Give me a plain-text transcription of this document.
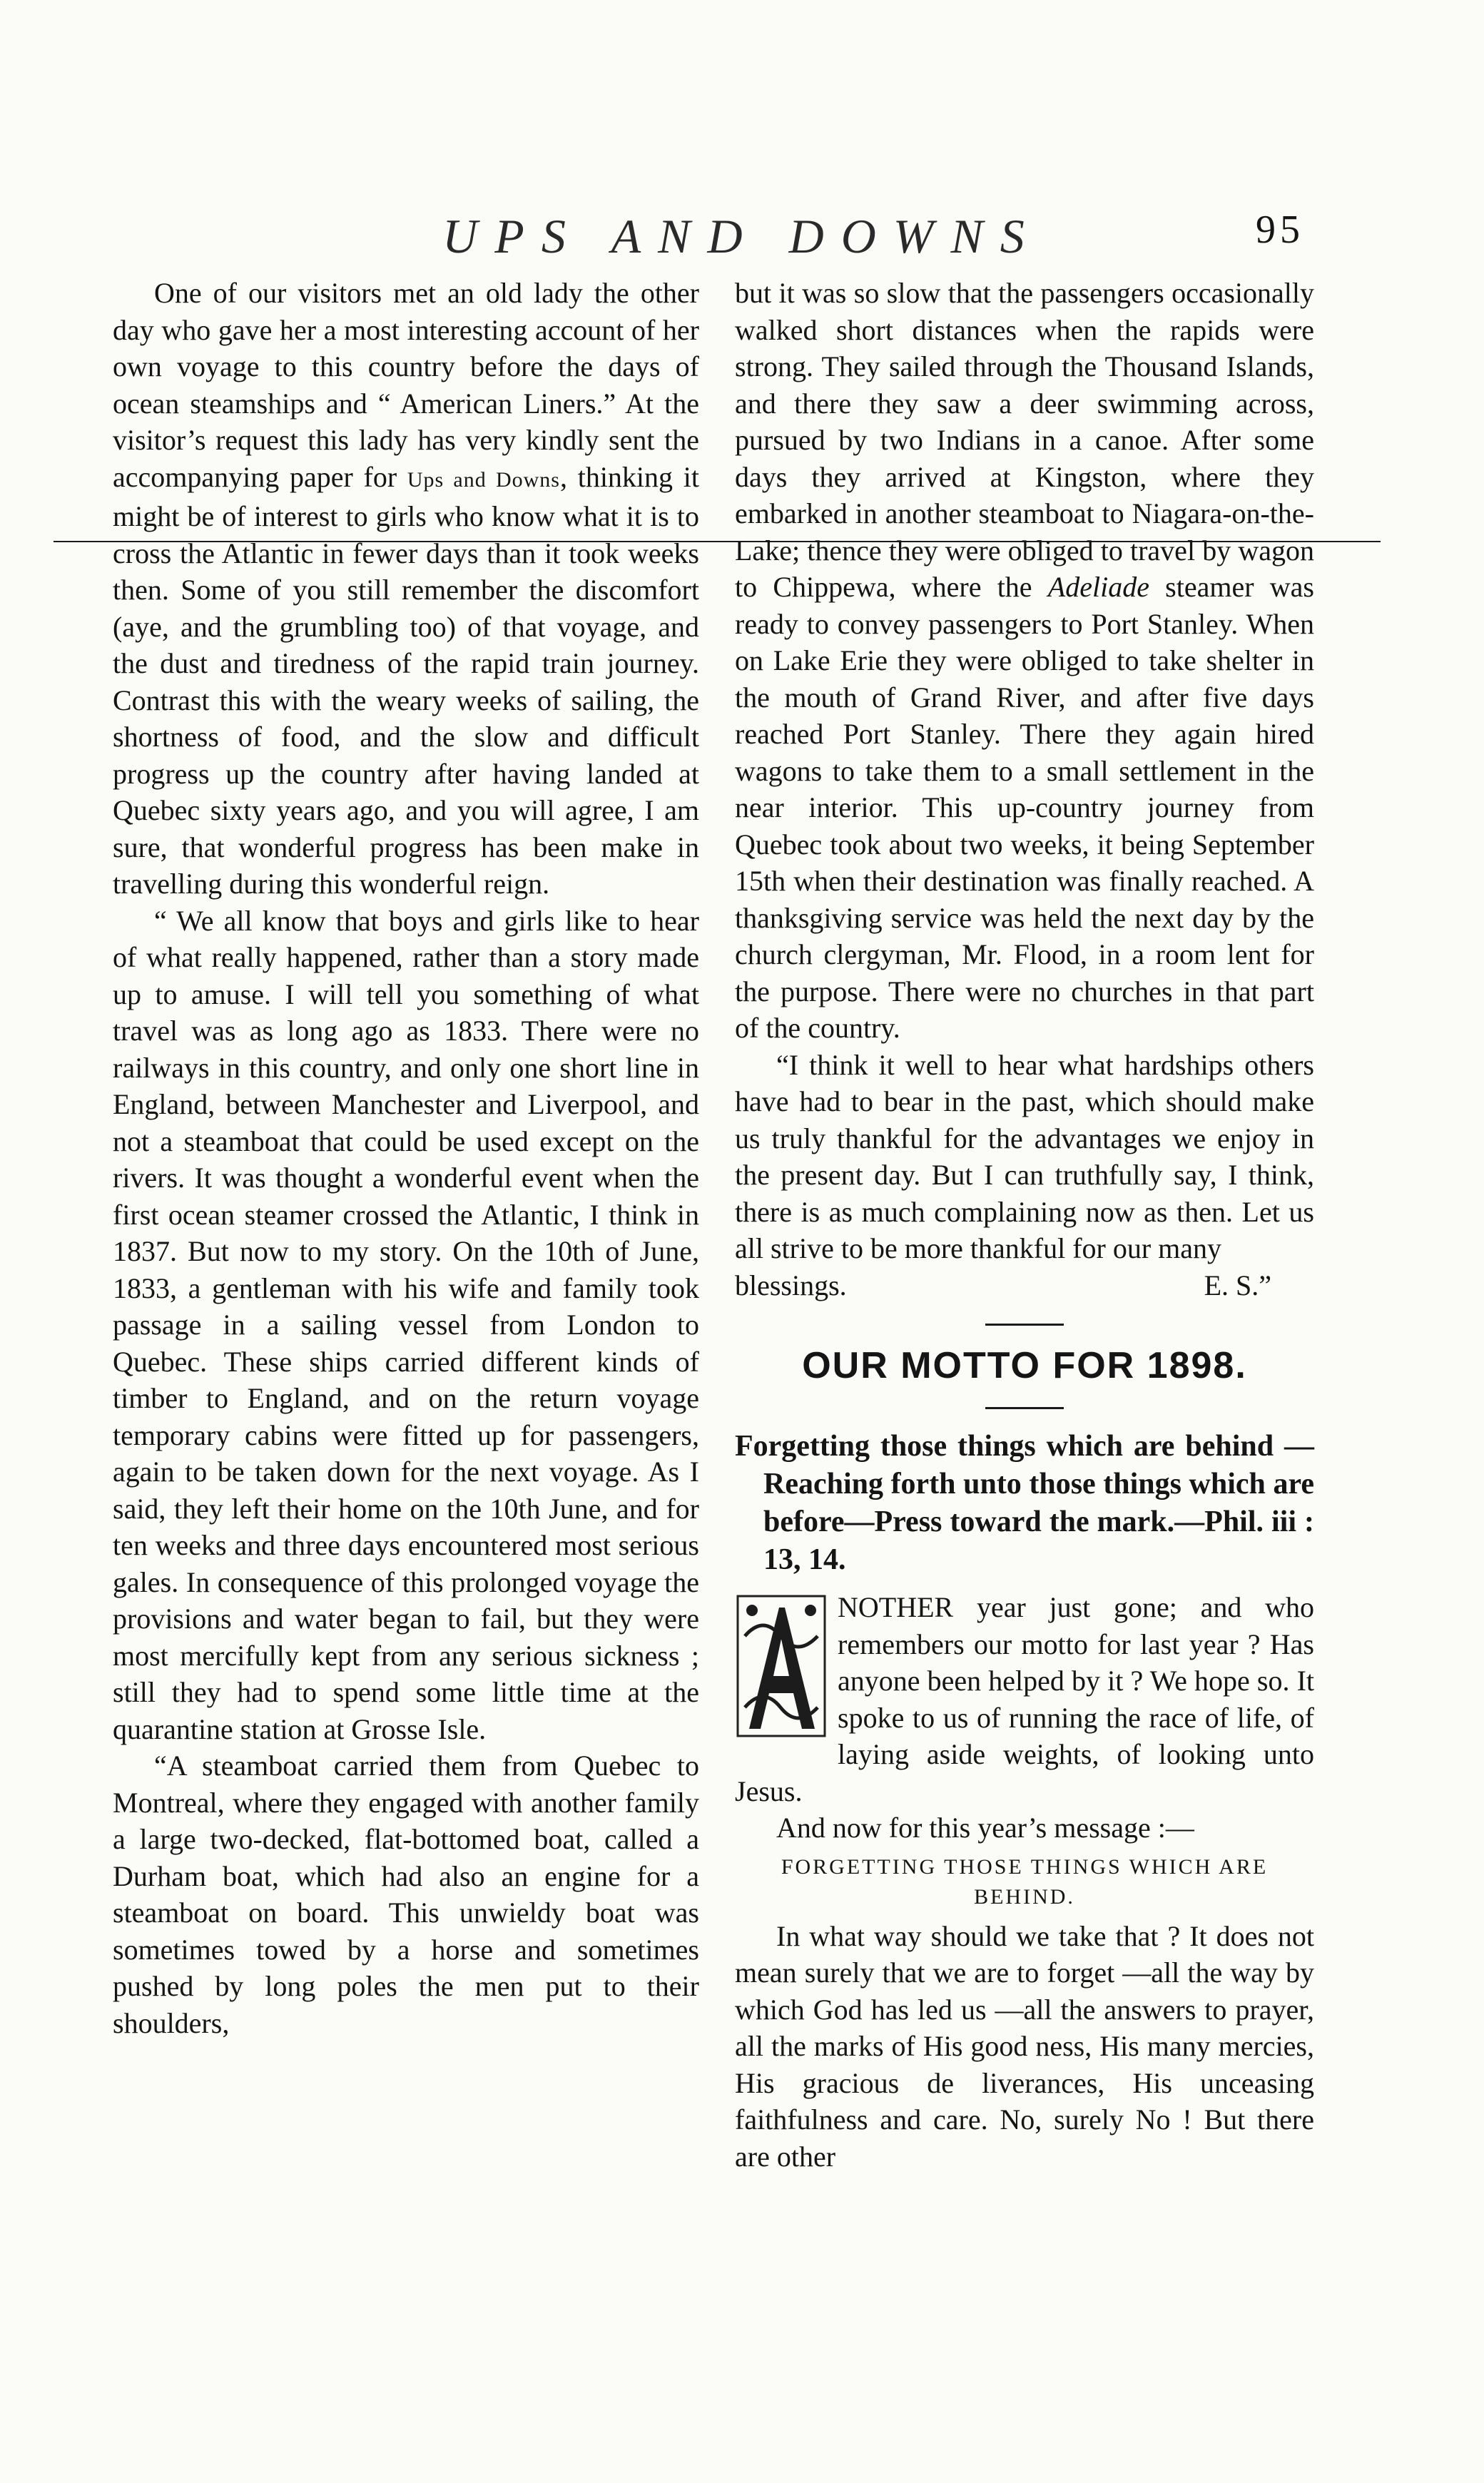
UPS AND DOWNS	95

One of our visitors met an old lady the other day who gave her a most interesting account of her own voyage to this country before the days of ocean steamships and “ American Liners.” At the visitor’s request this lady has very kindly sent the accompanying paper for Ups and Downs, thinking it might be of interest to girls who know what it is to cross the Atlantic in fewer days than it took weeks then. Some of you still remember the discomfort (aye, and the grumbling too) of that voyage, and the dust and tiredness of the rapid train journey. Contrast this with the weary weeks of sailing, the shortness of food, and the slow and difficult progress up the country after having landed at Quebec sixty years ago, and you will agree, I am sure, that wonderful progress has been make in travelling during this wonderful reign.

“ We all know that boys and girls like to hear of what really happened, rather than a story made up to amuse. I will tell you something of what travel was as long ago as 1833. There were no railways in this country, and only one short line in England, between Manchester and Liverpool, and not a steamboat that could be used except on the rivers. It was thought a wonderful event when the first ocean steamer crossed the Atlantic, I think in 1837. But now to my story. On the 10th of June, 1833, a gentleman with his wife and family took passage in a sailing vessel from London to Quebec. These ships carried different kinds of timber to England, and on the return voyage temporary cabins were fitted up for passengers, again to be taken down for the next voyage. As I said, they left their home on the 10th June, and for ten weeks and three days encountered most serious gales. In consequence of this prolonged voyage the provisions and water began to fail, but they were most mercifully kept from any serious sickness ; still they had to spend some little time at the quarantine station at Grosse Isle.

“A steamboat carried them from Quebec to Montreal, where they engaged with another family a large two-decked, flat-bottomed boat, called a Durham boat, which had also an engine for a steamboat on board. This unwieldy boat was sometimes towed by a horse and sometimes pushed by long poles the men put to their shoulders,

but it was so slow that the passengers occasionally walked short distances when the rapids were strong. They sailed through the Thousand Islands, and there they saw a deer swimming across, pursued by two Indians in a canoe. After some days they arrived at Kingston, where they embarked in another steamboat to Niagara-on-the-Lake; thence they were obliged to travel by wagon to Chippewa, where the Adeliade steamer was ready to convey passengers to Port Stanley. When on Lake Erie they were obliged to take shelter in the mouth of Grand River, and after five days reached Port Stanley. There they again hired wagons to take them to a small settlement in the near interior. This up-country journey from Quebec took about two weeks, it being September 15th when their destination was finally reached. A thanksgiving service was held the next day by the church clergyman, Mr. Flood, in a room lent for the purpose. There were no churches in that part of the country.

“I think it well to hear what hardships others have had to bear in the past, which should make us truly thankful for the advantages we enjoy in the present day. But I can truthfully say, I think, there is as much complaining now as then. Let us all strive to be more thankful for our many

blessings.	E. S.”
OUR MOTTO FOR 1898.

Forgetting those things which are behind —Reaching forth unto those things which are before—Press toward the mark.—Phil. iii : 13, 14.

NOTHER year just gone; and who remembers our motto for last year ? Has anyone been helped by it ? We hope so. It spoke to us of running the race of life, of laying aside weights, of looking unto Jesus.

And now for this year’s message :—

FORGETTING THOSE THINGS WHICH ARE BEHIND.

In what way should we take that ? It does not mean surely that we are to forget —all the way by which God has led us —all the answers to prayer, all the marks of His good ness, His many mercies, His gracious de liverances, His unceasing faithfulness and care. No, surely No ! But there are other
